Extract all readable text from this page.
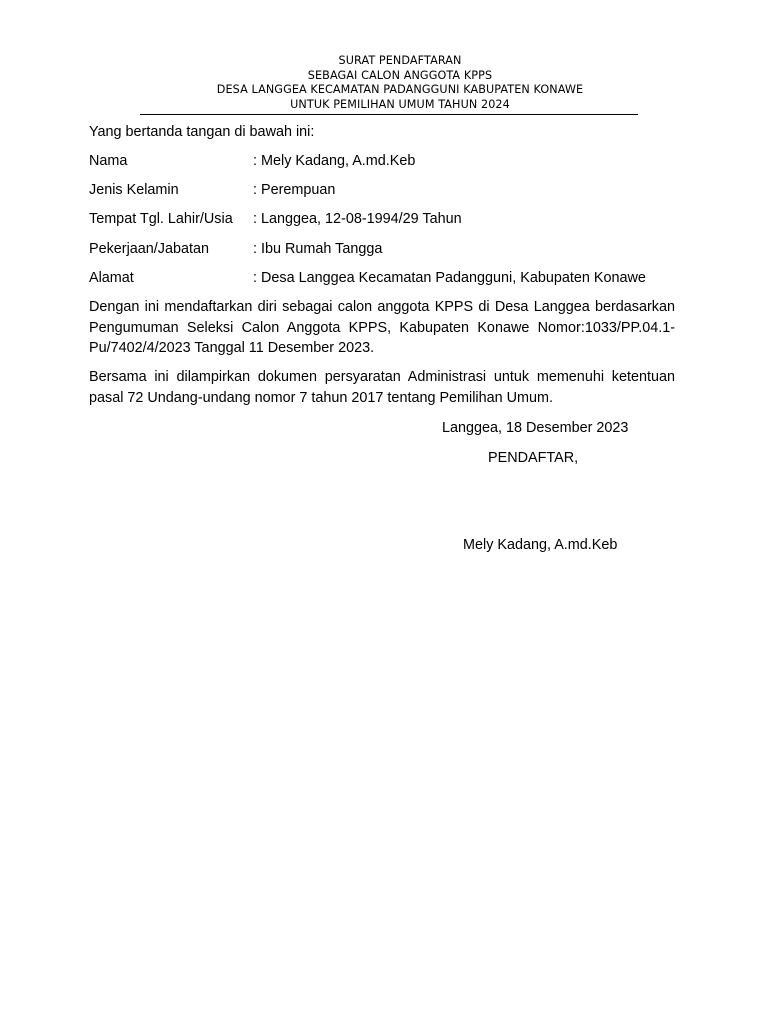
SURAT PENDAFTARAN
SEBAGAI CALON ANGGOTA KPPS
DESA LANGGEA KECAMATAN PADANGGUNI KABUPATEN KONAWE
UNTUK PEMILIHAN UMUM TAHUN 2024
Yang bertanda tangan di bawah ini:
Nama	: Mely Kadang, A.md.Keb
Jenis Kelamin	: Perempuan
Tempat Tgl. Lahir/Usia : Langgea, 12-08-1994/29 Tahun
Pekerjaan/Jabatan	: Ibu Rumah Tangga
Alamat	: Desa Langgea Kecamatan Padangguni, Kabupaten Konawe
Dengan ini mendaftarkan diri sebagai calon anggota KPPS di Desa Langgea berdasarkan Pengumuman Seleksi Calon Anggota KPPS, Kabupaten Konawe Nomor:1033/PP.04.1-Pu/7402/4/2023 Tanggal 11 Desember 2023.
Bersama ini dilampirkan dokumen persyaratan Administrasi untuk memenuhi ketentuan pasal 72 Undang-undang nomor 7 tahun 2017 tentang Pemilihan Umum.
Langgea, 18 Desember 2023
PENDAFTAR,
Mely Kadang, A.md.Keb
